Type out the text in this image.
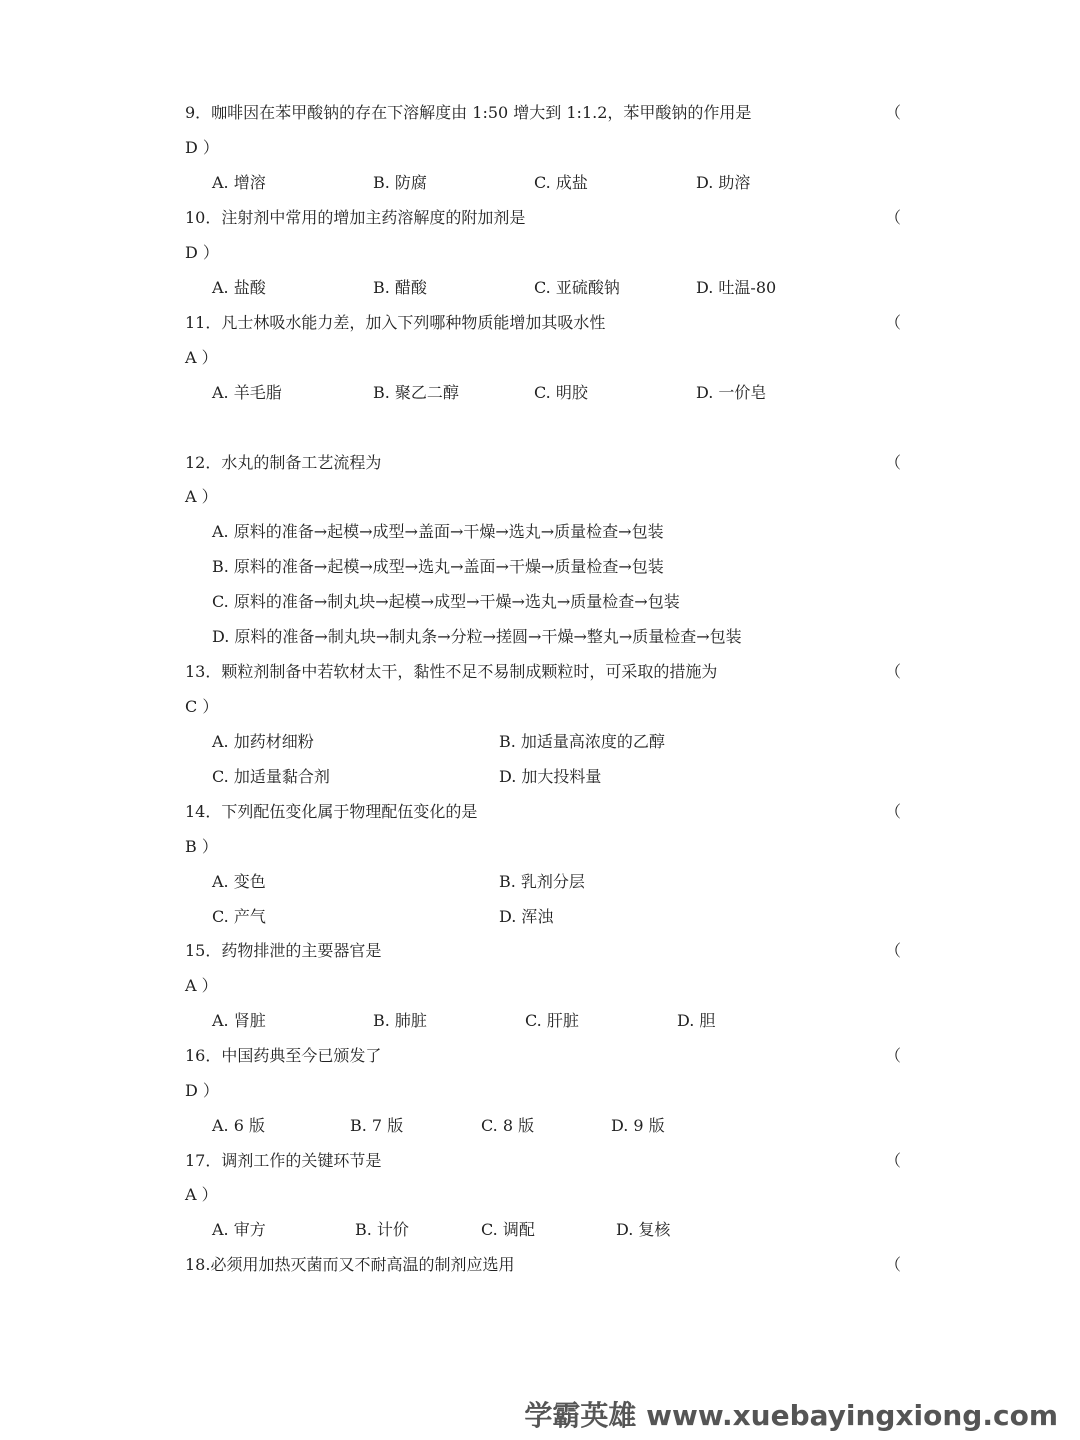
9．咖啡因在苯甲酸钠的存在下溶解度由 1:50 增大到 1:1.2，苯甲酸钠的作用是	（
D ）
A. 增溶	B. 防腐	C. 成盐	D. 助溶
10．注射剂中常用的增加主药溶解度的附加剂是	（
D ）
A. 盐酸	B. 醋酸	C. 亚硫酸钠	D. 吐温-80
11．凡士林吸水能力差，加入下列哪种物质能增加其吸水性	（
A ）
A. 羊毛脂	B. 聚乙二醇	C. 明胶	D. 一价皂
12．水丸的制备工艺流程为	（
A ）
A. 原料的准备→起模→成型→盖面→干燥→选丸→质量检查→包装
B. 原料的准备→起模→成型→选丸→盖面→干燥→质量检查→包装
C. 原料的准备→制丸块→起模→成型→干燥→选丸→质量检查→包装
D. 原料的准备→制丸块→制丸条→分粒→搓圆→干燥→整丸→质量检查→包装
13．颗粒剂制备中若软材太干，黏性不足不易制成颗粒时，可采取的措施为	（
C ）
A. 加药材细粉	B. 加适量高浓度的乙醇
C. 加适量黏合剂	D. 加大投料量
14．下列配伍变化属于物理配伍变化的是	（
B ）
A. 变色	B. 乳剂分层
C. 产气	D. 浑浊
15．药物排泄的主要器官是	（
A ）
A. 肾脏	B. 肺脏	C. 肝脏	D. 胆
16．中国药典至今已颁发了	（
D ）
A. 6 版	B. 7 版	C. 8 版	D. 9 版
17．调剂工作的关键环节是	（
A ）
A. 审方	B. 计价	C. 调配	D. 复核
18.必须用加热灭菌而又不耐高温的制剂应选用	（
学霸英雄 www.xuebayingxiong.com
